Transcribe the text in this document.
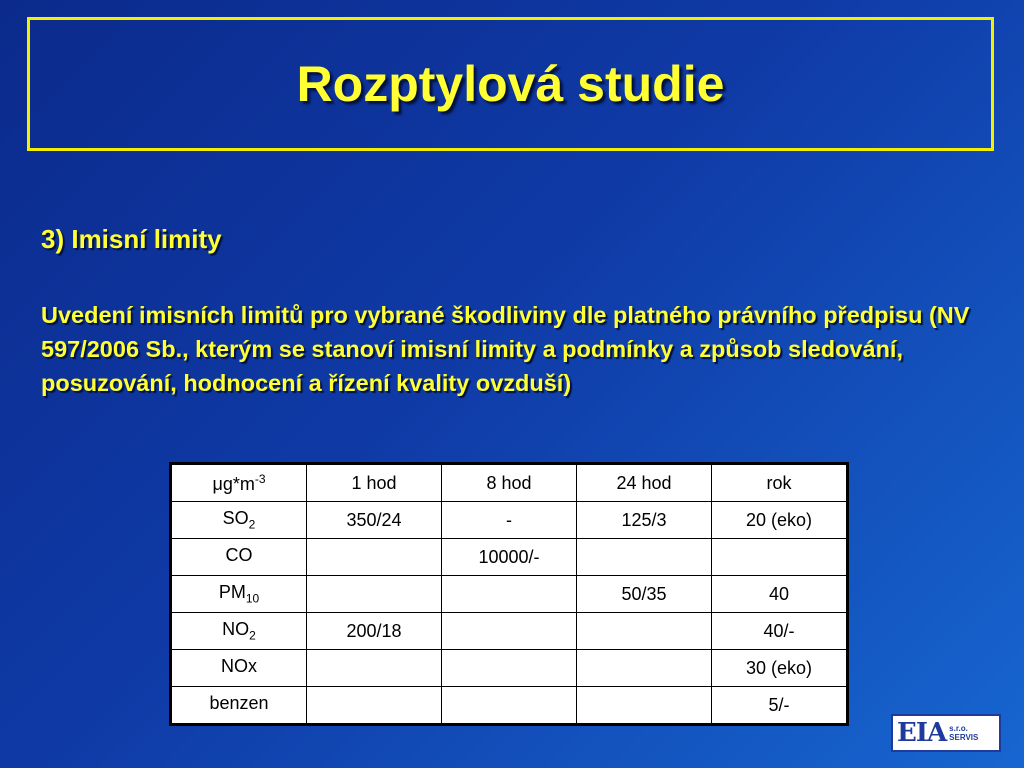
Rozptylová studie
3) Imisní limity
Uvedení imisních limitů pro vybrané škodliviny dle platného právního předpisu (NV 597/2006 Sb., kterým se stanoví imisní limity a podmínky a způsob sledování, posuzování, hodnocení a řízení kvality ovzduší)
$\mu g*m^{-3}$	1 hod	8 hod	24 hod	rok
$SO_2$	350/24	-	125/3	20 (eko)
CO		10000/-		
$PM_{10}$			50/35	40
$NO_2$	200/18			40/-
NOx				30 (eko)
benzen				5/-
EIA s.r.o.
SERVIS
